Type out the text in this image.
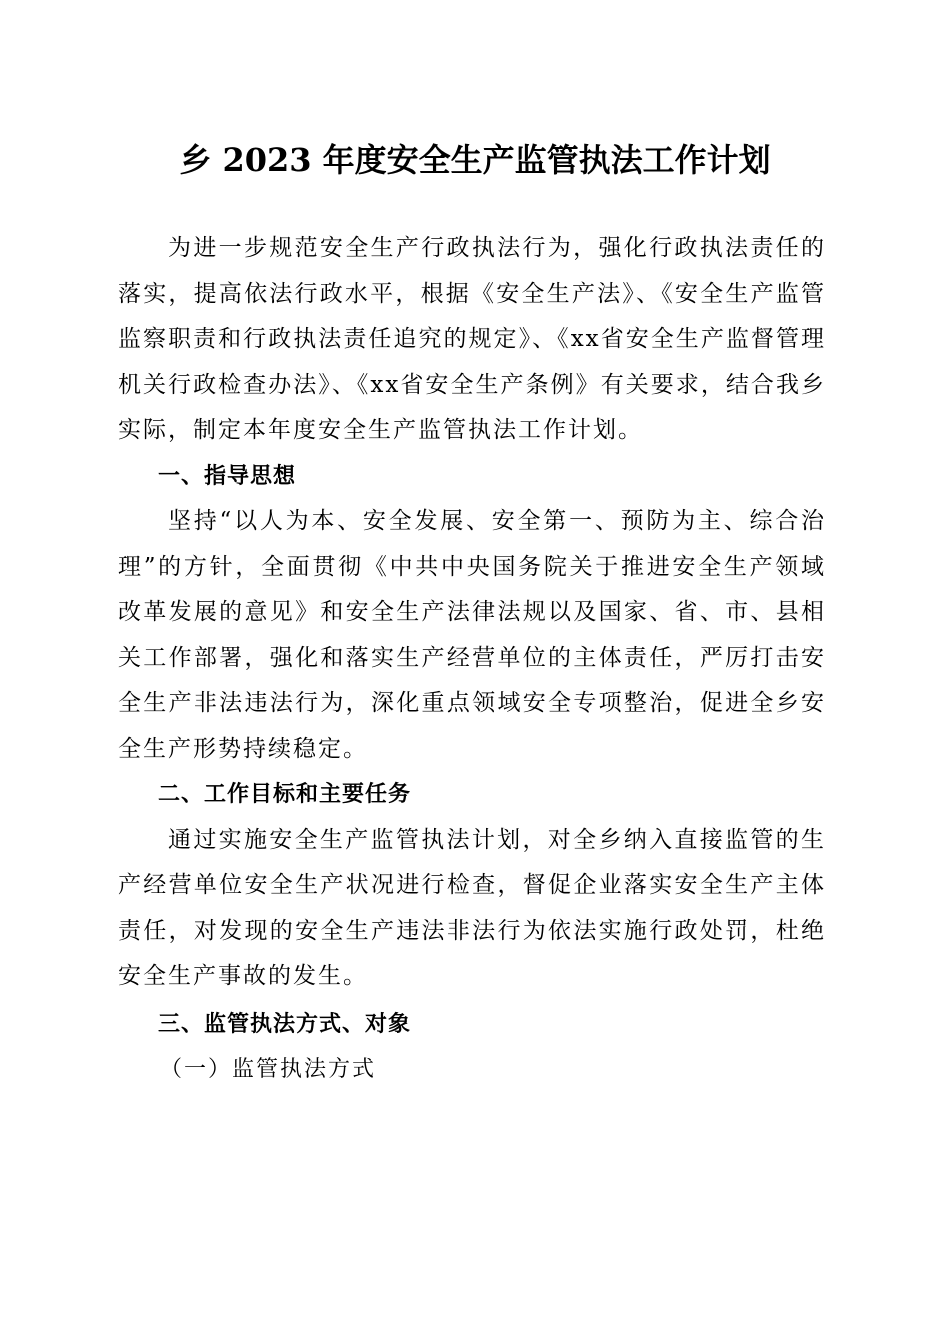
乡 2023 年度安全生产监管执法工作计划

为进一步规范安全生产行政执法行为，强化行政执法责任的落实，提高依法行政水平，根据《安全生产法》、《安全生产监管监察职责和行政执法责任追究的规定》、《xx省安全生产监督管理机关行政检查办法》、《xx省安全生产条例》有关要求，结合我乡实际，制定本年度安全生产监管执法工作计划。

一、指导思想

坚持“以人为本、安全发展、安全第一、预防为主、综合治理”的方针，全面贯彻《中共中央国务院关于推进安全生产领域改革发展的意见》和安全生产法律法规以及国家、省、市、县相关工作部署，强化和落实生产经营单位的主体责任，严厉打击安全生产非法违法行为，深化重点领域安全专项整治，促进全乡安全生产形势持续稳定。

二、工作目标和主要任务

通过实施安全生产监管执法计划，对全乡纳入直接监管的生产经营单位安全生产状况进行检查，督促企业落实安全生产主体责任，对发现的安全生产违法非法行为依法实施行政处罚，杜绝安全生产事故的发生。

三、监管执法方式、对象

（一）监管执法方式
